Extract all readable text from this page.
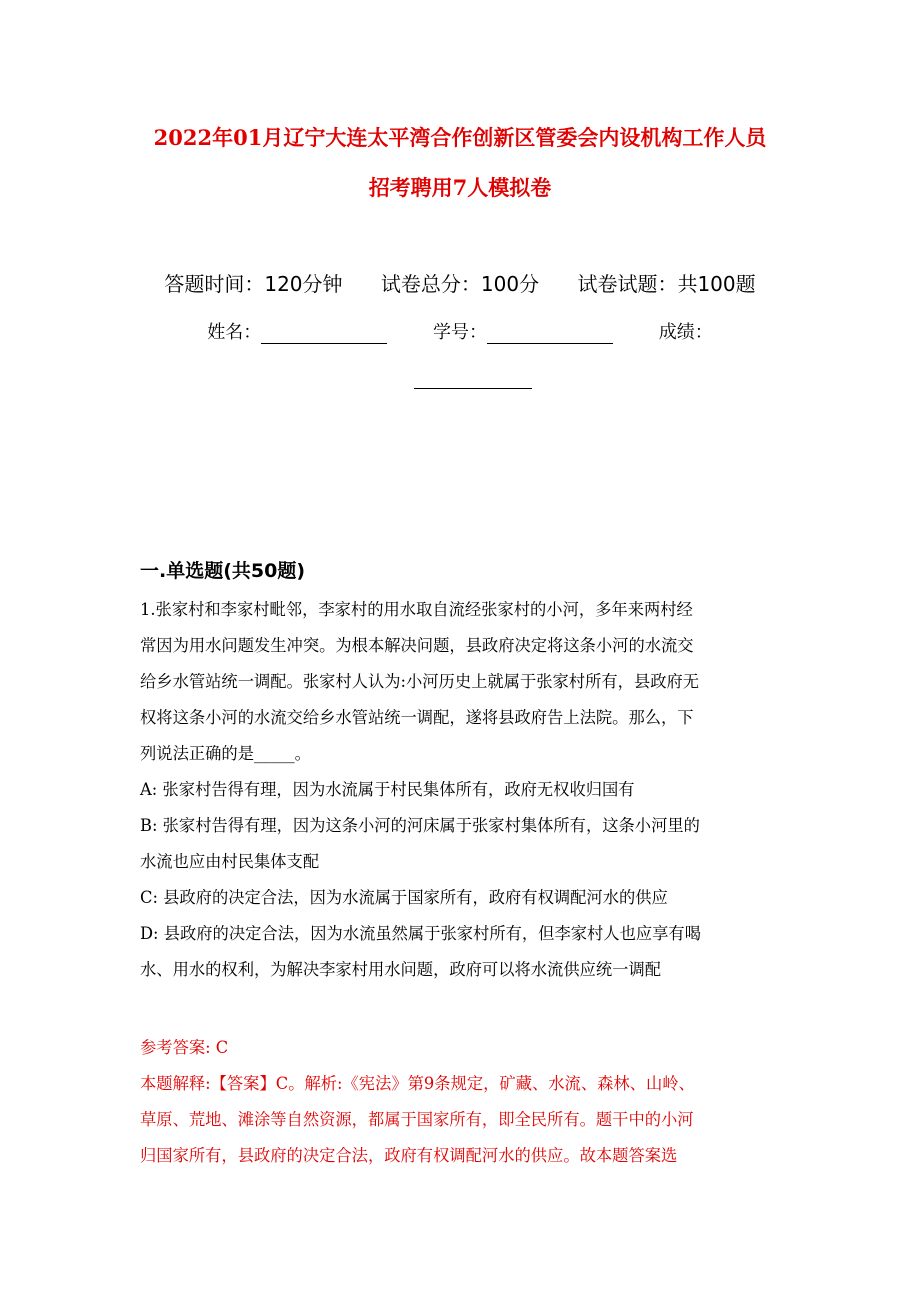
2022年01月辽宁大连太平湾合作创新区管委会内设机构工作人员
招考聘用7人模拟卷
答题时间：120分钟 试卷总分：100分 试卷试题：共100题
姓名：	学号：	成绩：
一.单选题(共50题)
1.张家村和李家村毗邻，李家村的用水取自流经张家村的小河，多年来两村经
常因为用水问题发生冲突。为根本解决问题，县政府决定将这条小河的水流交
给乡水管站统一调配。张家村人认为:小河历史上就属于张家村所有，县政府无
权将这条小河的水流交给乡水管站统一调配，遂将县政府告上法院。那么，下
列说法正确的是_____。
A: 张家村告得有理，因为水流属于村民集体所有，政府无权收归国有
B: 张家村告得有理，因为这条小河的河床属于张家村集体所有，这条小河里的
水流也应由村民集体支配
C: 县政府的决定合法，因为水流属于国家所有，政府有权调配河水的供应
D: 县政府的决定合法，因为水流虽然属于张家村所有，但李家村人也应享有喝
水、用水的权利，为解决李家村用水问题，政府可以将水流供应统一调配
参考答案: C
本题解释:【答案】C。解析:《宪法》第9条规定，矿藏、水流、森林、山岭、
草原、荒地、滩涂等自然资源，都属于国家所有，即全民所有。题干中的小河
归国家所有，县政府的决定合法，政府有权调配河水的供应。故本题答案选
